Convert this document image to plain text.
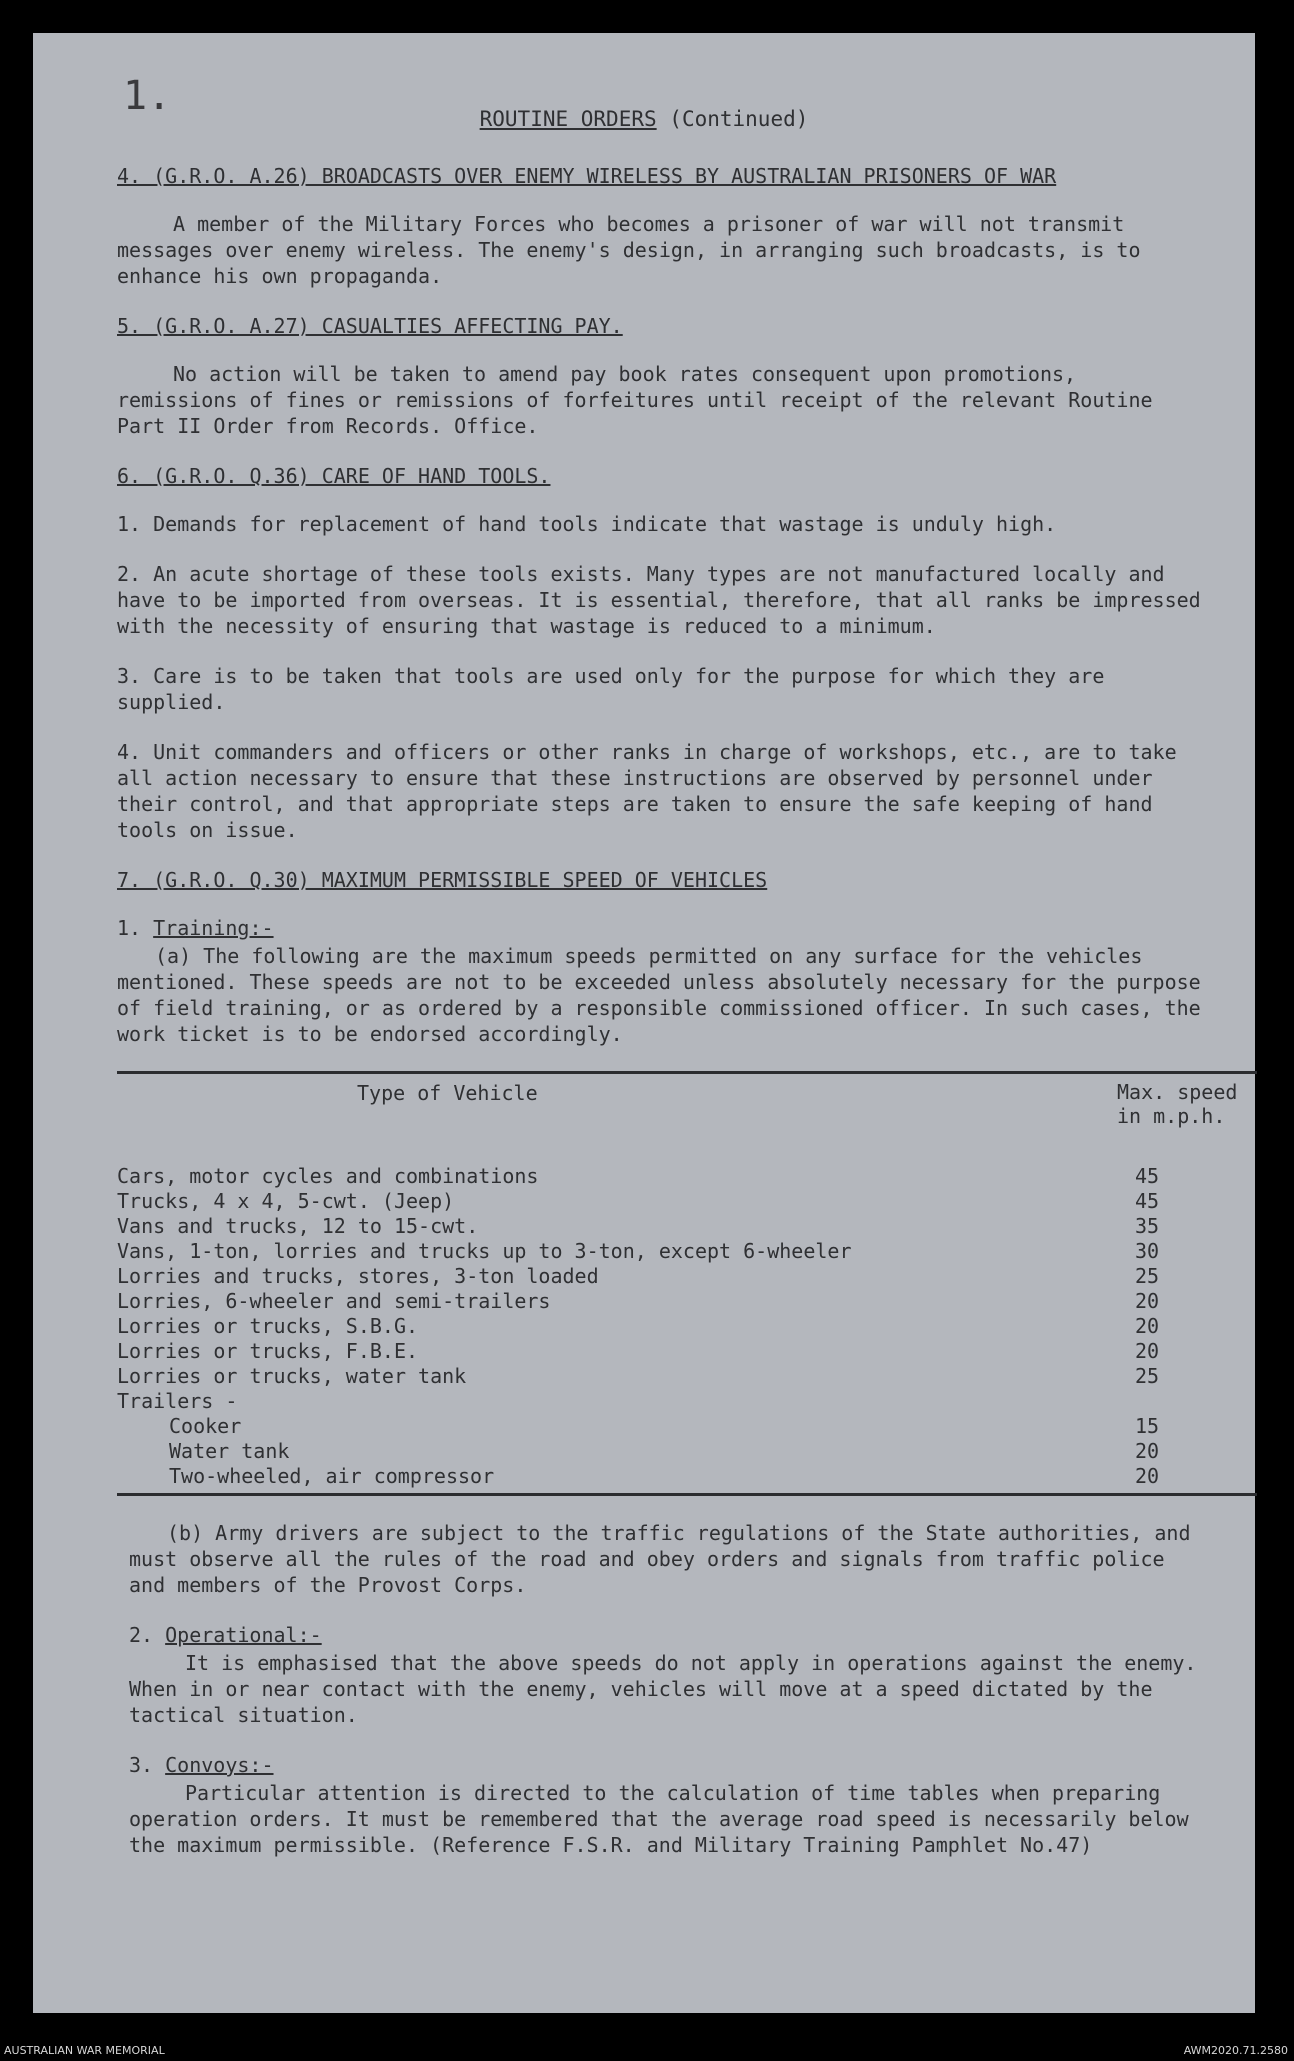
1.	ROUTINE ORDERS (Continued)
4. (G.R.O. A.26) BROADCASTS OVER ENEMY WIRELESS BY AUSTRALIAN PRISONERS OF WAR

A member of the Military Forces who becomes a prisoner of war will not transmit messages over enemy wireless. The enemy's design, in arranging such broadcasts, is to enhance his own propaganda.

5. (G.R.O. A.27) CASUALTIES AFFECTING PAY.

No action will be taken to amend pay book rates consequent upon promotions, remissions of fines or remissions of forfeitures until receipt of the relevant Routine Part II Order from Records. Office.

6. (G.R.O. Q.36) CARE OF HAND TOOLS.

1. Demands for replacement of hand tools indicate that wastage is unduly high.

2. An acute shortage of these tools exists. Many types are not manufactured locally and have to be imported from overseas. It is essential, therefore, that all ranks be impressed with the necessity of ensuring that wastage is reduced to a minimum.

3. Care is to be taken that tools are used only for the purpose for which they are supplied.

4. Unit commanders and officers or other ranks in charge of workshops, etc., are to take all action necessary to ensure that these instructions are observed by personnel under their control, and that appropriate steps are taken to ensure the safe keeping of hand tools on issue.

7. (G.R.O. Q.30) MAXIMUM PERMISSIBLE SPEED OF VEHICLES
1. Training:-

(a) The following are the maximum speeds permitted on any surface for the vehicles mentioned. These speeds are not to be exceeded unless absolutely necessary for the purpose of field training, or as ordered by a responsible commissioned officer. In such cases, the work ticket is to be endorsed accordingly.

Type of Vehicle	Max. speed
in m.p.h.
Cars, motor cycles and combinations	45
Trucks, 4 x 4, 5-cwt. (Jeep)	45
Vans and trucks, 12 to 15-cwt.	35
Vans, 1-ton, lorries and trucks up to 3-ton, except 6-wheeler	30
Lorries and trucks, stores, 3-ton loaded	25
Lorries, 6-wheeler and semi-trailers	20
Lorries or trucks, S.B.G.	20
Lorries or trucks, F.B.E.	20
Lorries or trucks, water tank	25
Trailers -
Cooker	15
Water tank	20
Two-wheeled, air compressor	20

(b) Army drivers are subject to the traffic regulations of the State authorities, and must observe all the rules of the road and obey orders and signals from traffic police and members of the Provost Corps.

2. Operational:-

It is emphasised that the above speeds do not apply in operations against the enemy. When in or near contact with the enemy, vehicles will move at a speed dictated by the tactical situation.

3. Convoys:-

Particular attention is directed to the calculation of time tables when preparing operation orders. It must be remembered that the average road speed is necessarily below the maximum permissible. (Reference F.S.R. and Military Training Pamphlet No.47)

AUSTRALIAN WAR MEMORIAL	AWM2020.71.2580
